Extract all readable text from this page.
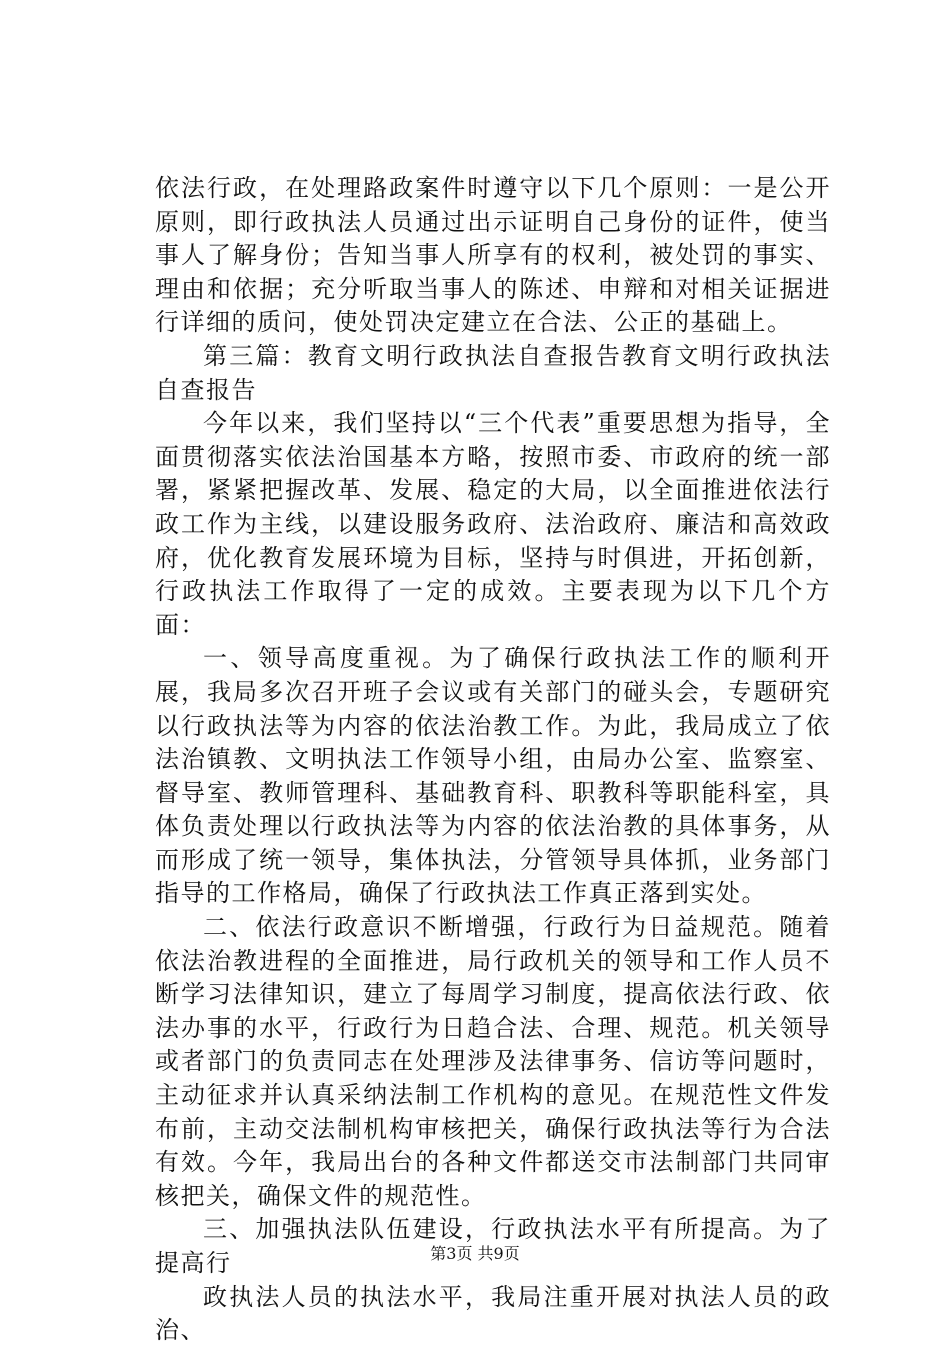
依法行政，在处理路政案件时遵守以下几个原则：一是公开原则，即行政执法人员通过出示证明自己身份的证件，使当事人了解身份；告知当事人所享有的权利，被处罚的事实、理由和依据；充分听取当事人的陈述、申辩和对相关证据进行详细的质问，使处罚决定建立在合法、公正的基础上。

第三篇：教育文明行政执法自查报告教育文明行政执法自查报告

今年以来，我们坚持以“三个代表”重要思想为指导，全面贯彻落实依法治国基本方略，按照市委、市政府的统一部署，紧紧把握改革、发展、稳定的大局，以全面推进依法行政工作为主线，以建设服务政府、法治政府、廉洁和高效政府，优化教育发展环境为目标，坚持与时俱进，开拓创新，行政执法工作取得了一定的成效。主要表现为以下几个方面：

一、领导高度重视。为了确保行政执法工作的顺利开展，我局多次召开班子会议或有关部门的碰头会，专题研究以行政执法等为内容的依法治教工作。为此，我局成立了依法治镇教、文明执法工作领导小组，由局办公室、监察室、督导室、教师管理科、基础教育科、职教科等职能科室，具体负责处理以行政执法等为内容的依法治教的具体事务，从而形成了统一领导，集体执法，分管领导具体抓，业务部门指导的工作格局，确保了行政执法工作真正落到实处。

二、依法行政意识不断增强，行政行为日益规范。随着依法治教进程的全面推进，局行政机关的领导和工作人员不断学习法律知识，建立了每周学习制度，提高依法行政、依法办事的水平，行政行为日趋合法、合理、规范。机关领导或者部门的负责同志在处理涉及法律事务、信访等问题时，主动征求并认真采纳法制工作机构的意见。在规范性文件发布前，主动交法制机构审核把关，确保行政执法等行为合法有效。今年，我局出台的各种文件都送交市法制部门共同审核把关，确保文件的规范性。

三、加强执法队伍建设，行政执法水平有所提高。为了提高行

政执法人员的执法水平，我局注重开展对执法人员的政治、

第3页 共9页
